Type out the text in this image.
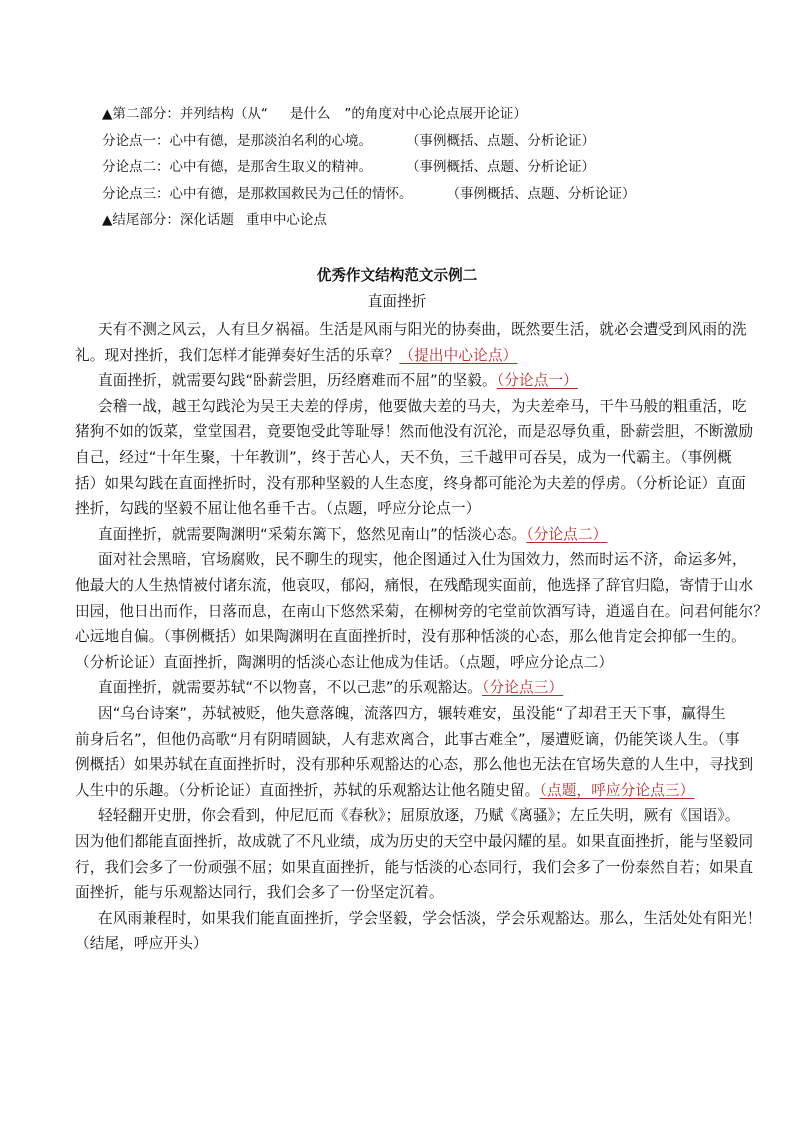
▲第二部分：并列结构（从“ 是什么 ”的角度对中心论点展开论证）
分论点一：心中有德，是那淡泊名利的心境。	（事例概括、点题、分析论证）
分论点二：心中有德，是那舍生取义的精神。	（事例概括、点题、分析论证）
分论点三：心中有德，是那救国救民为己任的情怀。	（事例概括、点题、分析论证）
▲结尾部分：深化话题 重申中心论点
优秀作文结构范文示例二
直面挫折
天有不测之风云，人有旦夕祸福。生活是风雨与阳光的协奏曲，既然要生活，就必会遭受到风雨的洗
礼。现对挫折，我们怎样才能弹奏好生活的乐章？（提出中心论点）
直面挫折，就需要勾践“卧薪尝胆，历经磨难而不屈”的坚毅。（分论点一）
会稽一战，越王勾践沦为吴王夫差的俘虏，他要做夫差的马夫，为夫差牵马，干牛马般的粗重活，吃
猪狗不如的饭菜，堂堂国君，竟要饱受此等耻辱！然而他没有沉沦，而是忍辱负重，卧薪尝胆，不断激励
自己，经过“十年生聚，十年教训”，终于苦心人，天不负，三千越甲可吞吴，成为一代霸主。（事例概
括）如果勾践在直面挫折时，没有那种坚毅的人生态度，终身都可能沦为夫差的俘虏。（分析论证）直面
挫折，勾践的坚毅不屈让他名垂千古。（点题，呼应分论点一）
直面挫折，就需要陶渊明“采菊东篱下，悠然见南山”的恬淡心态。（分论点二）
面对社会黑暗，官场腐败，民不聊生的现实，他企图通过入仕为国效力，然而时运不济，命运多舛，
他最大的人生热情被付诸东流，他哀叹，郁闷，痛恨，在残酷现实面前，他选择了辞官归隐，寄情于山水
田园，他日出而作，日落而息，在南山下悠然采菊，在柳树旁的宅堂前饮酒写诗，逍遥自在。问君何能尔？
心远地自偏。（事例概括）如果陶渊明在直面挫折时，没有那种恬淡的心态，那么他肯定会抑郁一生的。
（分析论证）直面挫折，陶渊明的恬淡心态让他成为佳话。（点题，呼应分论点二）
直面挫折，就需要苏轼“不以物喜，不以己悲”的乐观豁达。（分论点三）
因“乌台诗案”，苏轼被贬，他失意落魄，流落四方，辗转难安，虽没能“了却君王天下事，赢得生
前身后名”，但他仍高歌“月有阴晴圆缺，人有悲欢离合，此事古难全”，屡遭贬谪，仍能笑谈人生。（事
例概括）如果苏轼在直面挫折时，没有那种乐观豁达的心态，那么他也无法在官场失意的人生中，寻找到
人生中的乐趣。（分析论证）直面挫折，苏轼的乐观豁达让他名随史留。（点题，呼应分论点三）
轻轻翻开史册，你会看到，仲尼厄而《春秋》；屈原放逐，乃赋《离骚》；左丘失明，厥有《国语》。
因为他们都能直面挫折，故成就了不凡业绩，成为历史的天空中最闪耀的星。如果直面挫折，能与坚毅同
行，我们会多了一份顽强不屈；如果直面挫折，能与恬淡的心态同行，我们会多了一份泰然自若；如果直
面挫折，能与乐观豁达同行，我们会多了一份坚定沉着。
在风雨兼程时，如果我们能直面挫折，学会坚毅，学会恬淡，学会乐观豁达。那么，生活处处有阳光！
（结尾，呼应开头）
